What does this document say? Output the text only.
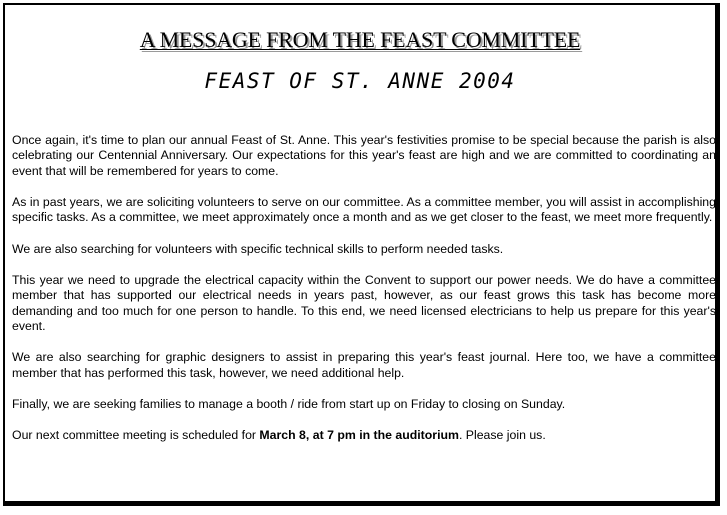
A MESSAGE FROM THE FEAST COMMITTEE
FEAST OF ST. ANNE 2004

Once again, it's time to plan our annual Feast of St. Anne. This year's festivities promise to be special because the parish is also celebrating our Centennial Anniversary. Our expectations for this year's feast are high and we are committed to coordinating an event that will be remembered for years to come.

As in past years, we are soliciting volunteers to serve on our committee. As a committee member, you will assist in accomplishing specific tasks. As a committee, we meet approximately once a month and as we get closer to the feast, we meet more frequently.

We are also searching for volunteers with specific technical skills to perform needed tasks.

This year we need to upgrade the electrical capacity within the Convent to support our power needs. We do have a committee member that has supported our electrical needs in years past, however, as our feast grows this task has become more demanding and too much for one person to handle. To this end, we need licensed electricians to help us prepare for this year's event.

We are also searching for graphic designers to assist in preparing this year's feast journal. Here too, we have a committee member that has performed this task, however, we need additional help.

Finally, we are seeking families to manage a booth / ride from start up on Friday to closing on Sunday.

Our next committee meeting is scheduled for March 8, at 7 pm in the auditorium. Please join us.
